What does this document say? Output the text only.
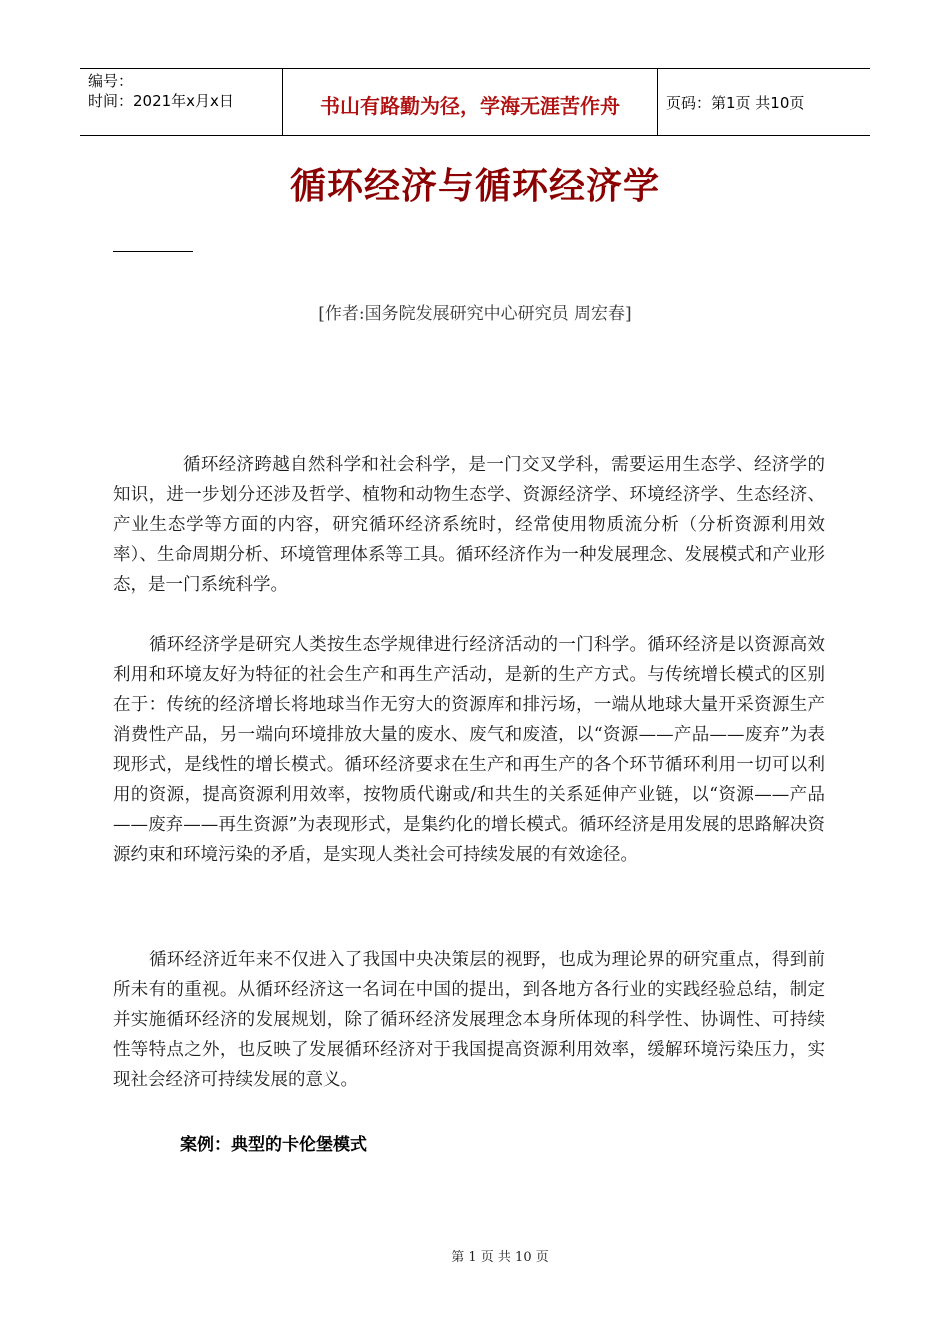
编号：
时间：2021年x月x日	书山有路勤为径，学海无涯苦作舟	页码：第1页 共10页
循环经济与循环经济学
[作者:国务院发展研究中心研究员 周宏春]

循环经济跨越自然科学和社会科学，是一门交叉学科，需要运用生态学、经济学的知识，进一步划分还涉及哲学、植物和动物生态学、资源经济学、环境经济学、生态经济、产业生态学等方面的内容，研究循环经济系统时，经常使用物质流分析（分析资源利用效率）、生命周期分析、环境管理体系等工具。循环经济作为一种发展理念、发展模式和产业形态，是一门系统科学。

循环经济学是研究人类按生态学规律进行经济活动的一门科学。循环经济是以资源高效利用和环境友好为特征的社会生产和再生产活动，是新的生产方式。与传统增长模式的区别在于：传统的经济增长将地球当作无穷大的资源库和排污场，一端从地球大量开采资源生产消费性产品，另一端向环境排放大量的废水、废气和废渣，以“资源——产品——废弃”为表现形式，是线性的增长模式。循环经济要求在生产和再生产的各个环节循环利用一切可以利用的资源，提高资源利用效率，按物质代谢或/和共生的关系延伸产业链，以“资源——产品——废弃——再生资源”为表现形式，是集约化的增长模式。循环经济是用发展的思路解决资源约束和环境污染的矛盾，是实现人类社会可持续发展的有效途径。

循环经济近年来不仅进入了我国中央决策层的视野，也成为理论界的研究重点，得到前所未有的重视。从循环经济这一名词在中国的提出，到各地方各行业的实践经验总结，制定并实施循环经济的发展规划，除了循环经济发展理念本身所体现的科学性、协调性、可持续性等特点之外，也反映了发展循环经济对于我国提高资源利用效率，缓解环境污染压力，实现社会经济可持续发展的意义。

案例：典型的卡伦堡模式
第 1 页 共 10 页
